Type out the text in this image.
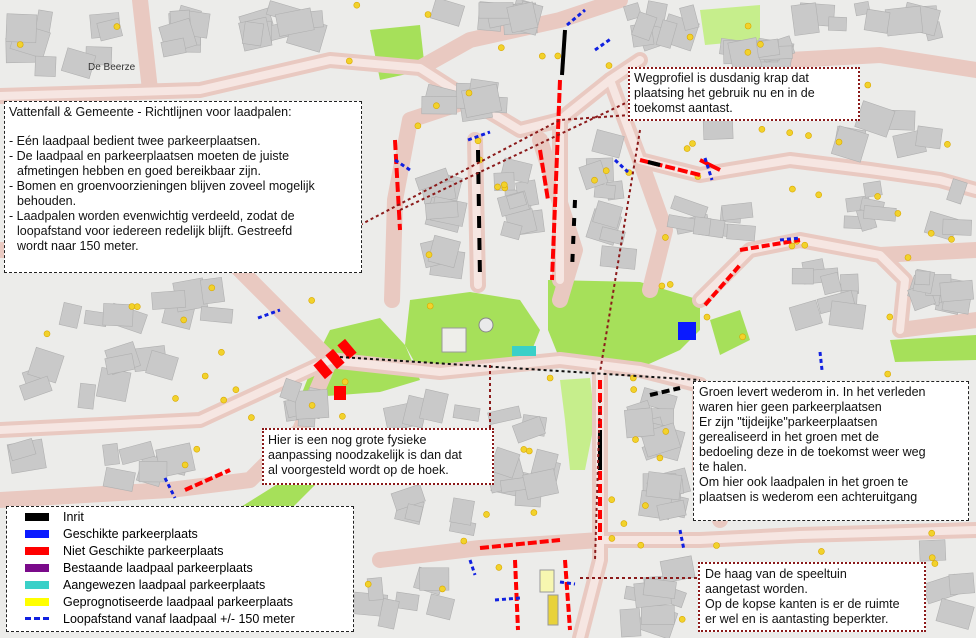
De Beerze

Vattenfall & Gemeente - Richtlijnen voor laadpalen:

- Eén laadpaal bedient twee parkeerplaatsen.

- De laadpaal en parkeerplaatsen moeten de juiste

afmetingen hebben en goed bereikbaar zijn.

- Bomen en groenvoorzieningen blijven zoveel mogelijk

behouden.

- Laadpalen worden evenwichtig verdeeld, zodat de

loopafstand voor iedereen redelijk blijft. Gestreefd

wordt naar 150 meter.

Wegprofiel is dusdanig krap dat

plaatsing het gebruik nu en in de

toekomst aantast.

Groen levert wederom in. In het verleden

waren hier geen parkeerplaatsen

Er zijn "tijdeijke"parkeerplaatsen

gerealiseerd in het groen met de

bedoeling deze in de toekomst weer weg

te halen.

Om hier ook laadpalen in het groen te

plaatsen is wederom een achteruitgang

Hier is een nog grote fysieke

aanpassing noodzakelijk is dan dat

al voorgesteld wordt op de hoek.

De haag van de speeltuin

aangetast worden.

Op de kopse kanten is er de ruimte

er wel en is aantasting beperkter.

Inrit
Geschikte parkeerplaats
Niet Geschikte parkeerplaats
Bestaande laadpaal parkeerplaats
Aangewezen laadpaal parkeerplaats
Geprognotiseerde laadpaal parkeerplaats
Loopafstand vanaf laadpaal +/- 150 meter
